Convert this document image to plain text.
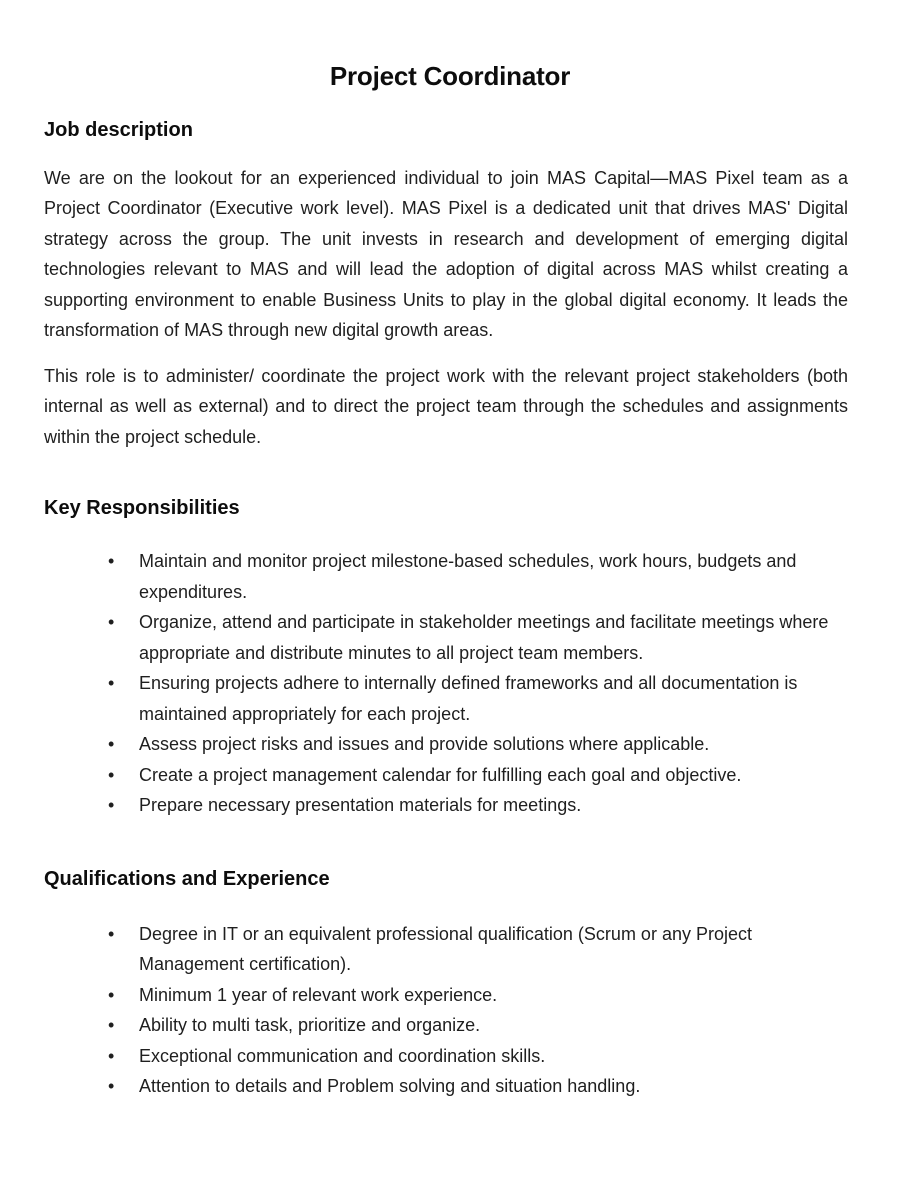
Project Coordinator
Job description

We are on the lookout for an experienced individual to join MAS Capital—MAS Pixel team as a Project Coordinator (Executive work level). MAS Pixel is a dedicated unit that drives MAS' Digital strategy across the group. The unit invests in research and development of emerging digital technologies relevant to MAS and will lead the adoption of digital across MAS whilst creating a supporting environment to enable Business Units to play in the global digital economy. It leads the transformation of MAS through new digital growth areas.

This role is to administer/ coordinate the project work with the relevant project stakeholders (both internal as well as external) and to direct the project team through the schedules and assignments within the project schedule.

Key Responsibilities
• Maintain and monitor project milestone-based schedules, work hours, budgets and expenditures.
• Organize, attend and participate in stakeholder meetings and facilitate meetings where appropriate and distribute minutes to all project team members.
• Ensuring projects adhere to internally defined frameworks and all documentation is maintained appropriately for each project.
• Assess project risks and issues and provide solutions where applicable.
• Create a project management calendar for fulfilling each goal and objective.
• Prepare necessary presentation materials for meetings.
Qualifications and Experience
• Degree in IT or an equivalent professional qualification (Scrum or any Project Management certification).
• Minimum 1 year of relevant work experience.
• Ability to multi task, prioritize and organize.
• Exceptional communication and coordination skills.
• Attention to details and Problem solving and situation handling.
